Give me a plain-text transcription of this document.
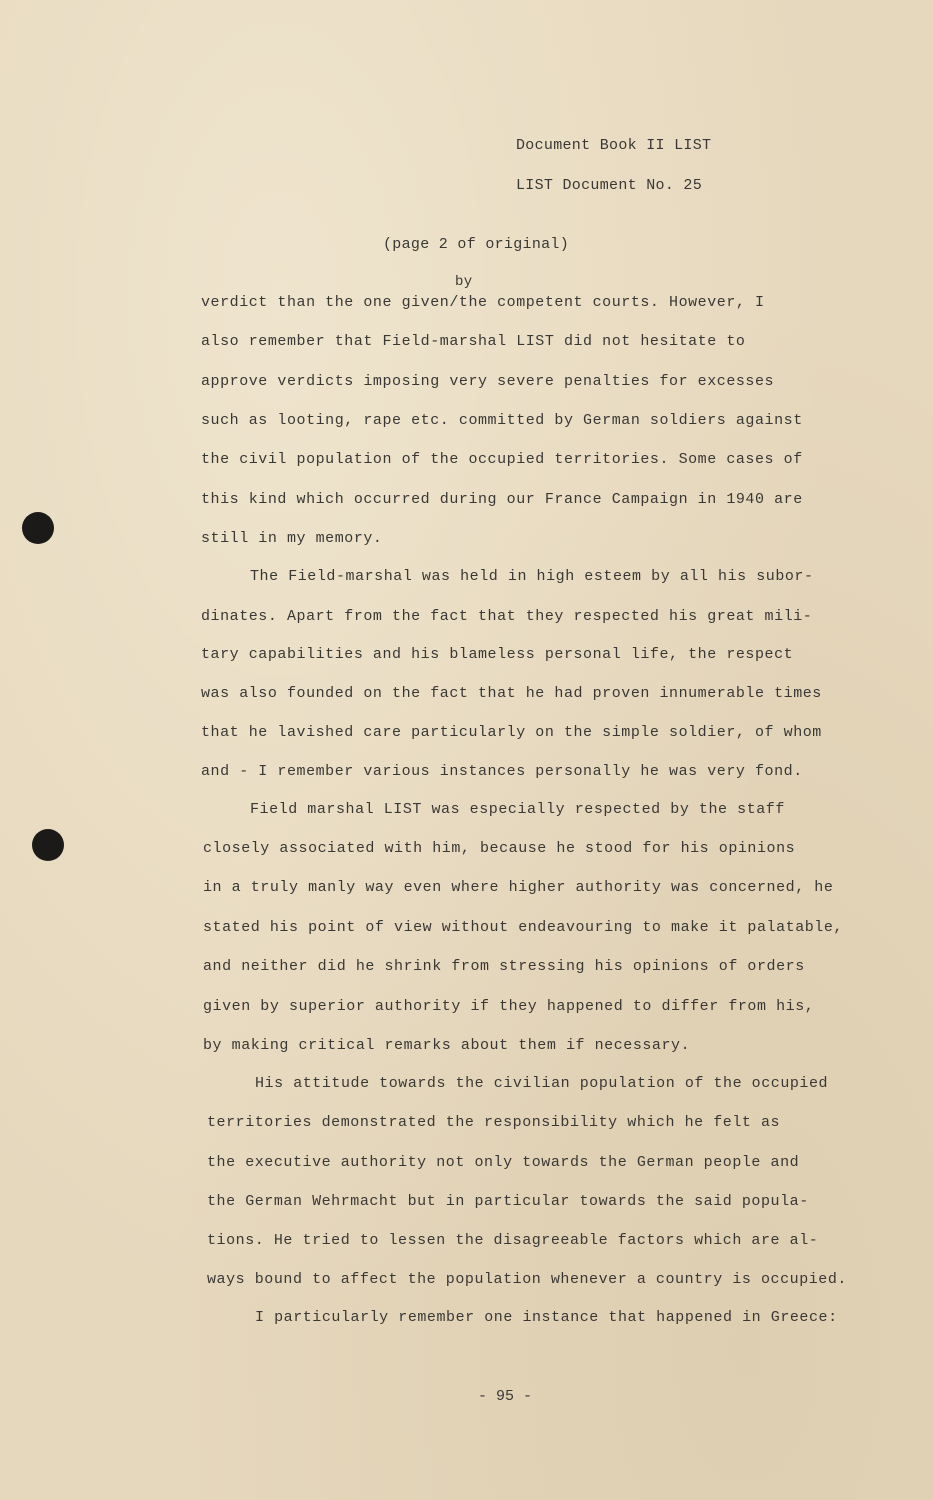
Document Book II LIST
LIST Document No. 25
(page 2 of original)
by
verdict than the one given/the competent courts. However, I
also remember that Field-marshal LIST did not hesitate to
approve verdicts imposing very severe penalties for excesses
such as looting, rape etc. committed by German soldiers against
the civil population of the occupied territories. Some cases of
this kind which occurred during our France Campaign in 1940 are
still in my memory.
The Field-marshal was held in high esteem by all his subor-
dinates. Apart from the fact that they respected his great mili-
tary capabilities and his blameless personal life, the respect
was also founded on the fact that he had proven innumerable times
that he lavished care particularly on the simple soldier, of whom
and - I remember various instances personally he was very fond.
Field marshal LIST was especially respected by the staff
closely associated with him, because he stood for his opinions
in a truly manly way even where higher authority was concerned, he
stated his point of view without endeavouring to make it palatable,
and neither did he shrink from stressing his opinions of orders
given by superior authority if they happened to differ from his,
by making critical remarks about them if necessary.
His attitude towards the civilian population of the occupied
territories demonstrated the responsibility which he felt as
the executive authority not only towards the German people and
the German Wehrmacht but in particular towards the said popula-
tions. He tried to lessen the disagreeable factors which are al-
ways bound to affect the population whenever a country is occupied.
I particularly remember one instance that happened in Greece:
- 95 -
